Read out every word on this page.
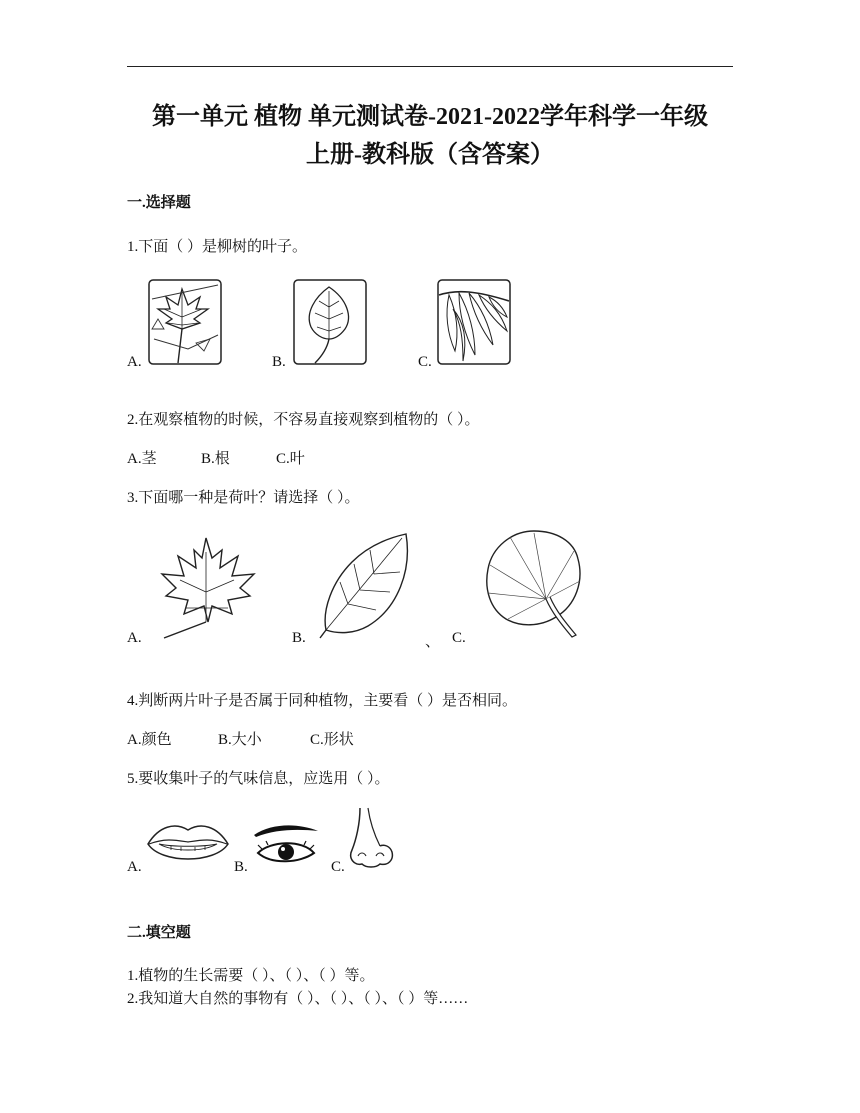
第一单元 植物 单元测试卷-2021-2022学年科学一年级
上册-教科版（含答案）
一.选择题
1.下面（ ）是柳树的叶子。
A.	B.	C.
2.在观察植物的时候，不容易直接观察到植物的（ ）。
A.茎	B.根	C.叶
3.下面哪一种是荷叶？请选择（ ）。
A.	B.	、 C.
4.判断两片叶子是否属于同种植物，主要看（ ）是否相同。
A.颜色	B.大小	C.形状
5.要收集叶子的气味信息，应选用（ ）。
A.	B.	C.
二.填空题
1.植物的生长需要（ ）、（ ）、（ ）等。
2.我知道大自然的事物有（ ）、（ ）、（ ）、（ ）等……
